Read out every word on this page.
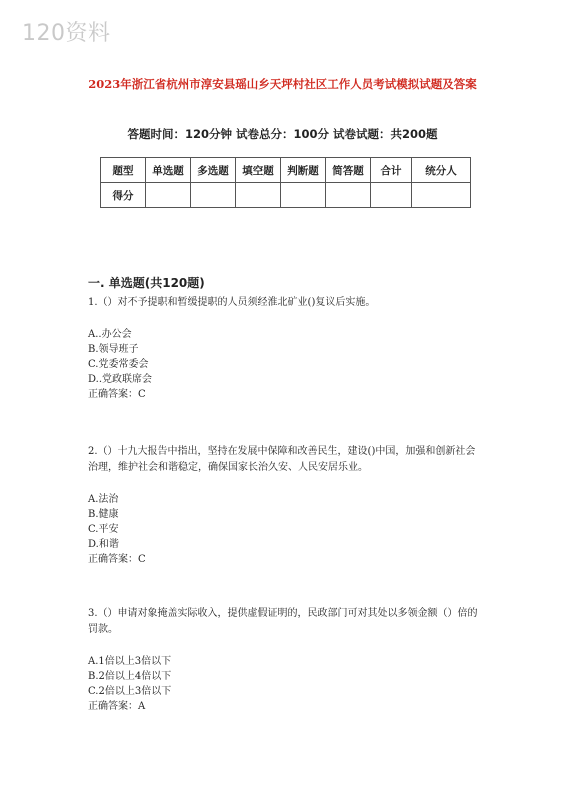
120资料
2023年浙江省杭州市淳安县瑶山乡天坪村社区工作人员考试模拟试题及答案
答题时间：120分钟 试卷总分：100分 试卷试题：共200题
题型	单选题	多选题	填空题	判断题	简答题	合计	统分人
得分							
一. 单选题(共120题)

1.（）对不予提职和暂缓提职的人员须经淮北矿业()复议后实施。

A..办公会
B.领导班子
C.党委常委会
D..党政联席会
正确答案：C

2.（）十九大报告中指出，坚持在发展中保障和改善民生，建设()中国，加强和创新社会治理，维护社会和谐稳定，确保国家长治久安、人民安居乐业。

A.法治
B.健康
C.平安
D.和谐
正确答案：C

3.（）申请对象掩盖实际收入，提供虚假证明的，民政部门可对其处以多领金额（）倍的罚款。

A.1倍以上3倍以下
B.2倍以上4倍以下
C.2倍以上3倍以下
正确答案：A
